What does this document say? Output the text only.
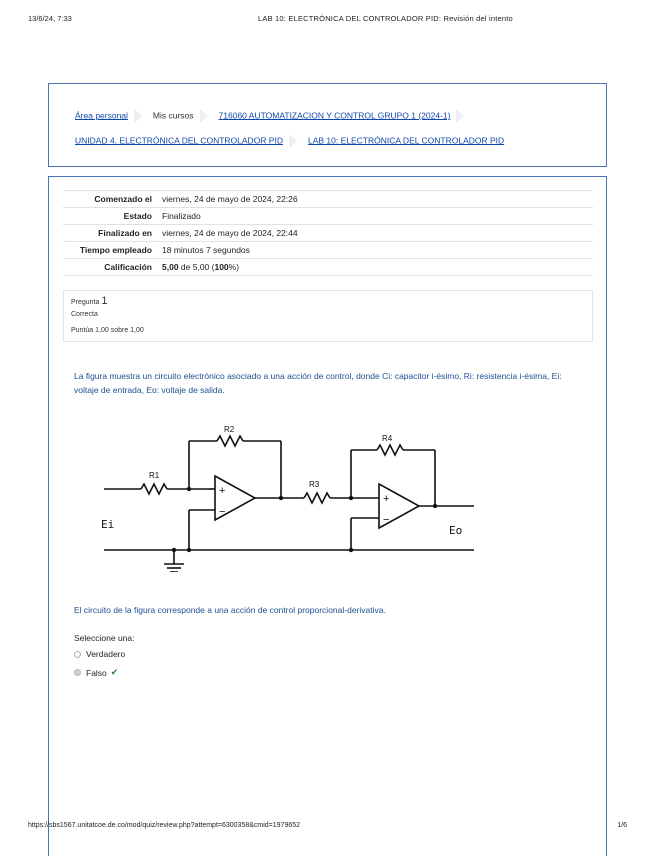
13/6/24, 7:33	LAB 10: ELECTRÓNICA DEL CONTROLADOR PID: Revisión del intento
Área personal	Mis cursos	716060 AUTOMATIZACION Y CONTROL GRUPO 1 (2024-1)
UNIDAD 4. ELECTRÓNICA DEL CONTROLADOR PID	LAB 10: ELECTRÓNICA DEL CONTROLADOR PID
Comenzado el	viernes, 24 de mayo de 2024, 22:26
Estado	Finalizado
Finalizado en	viernes, 24 de mayo de 2024, 22:44
Tiempo empleado	18 minutos 7 segundos
Calificación	5,00 de 5,00 (100%)
Pregunta 1
Correcta
Puntúa 1,00 sobre 1,00
La figura muestra un circuito electrónico asociado a una acción de control, donde Ci: capacitor i-ésimo, Ri: resistencia i-ésima, Ei: voltaje de entrada, Eo: voltaje de salida.
R1
R2
R3
R4
+
−
+
−
Ei	Eo
El circuito de la figura corresponde a una acción de control proporcional-derivativa.
Seleccione una:
Verdadero
Falso ✔
https://sbs1567.unitatcoe.de.co/mod/quiz/review.php?attempt=6300358&cmid=1979652	1/6
